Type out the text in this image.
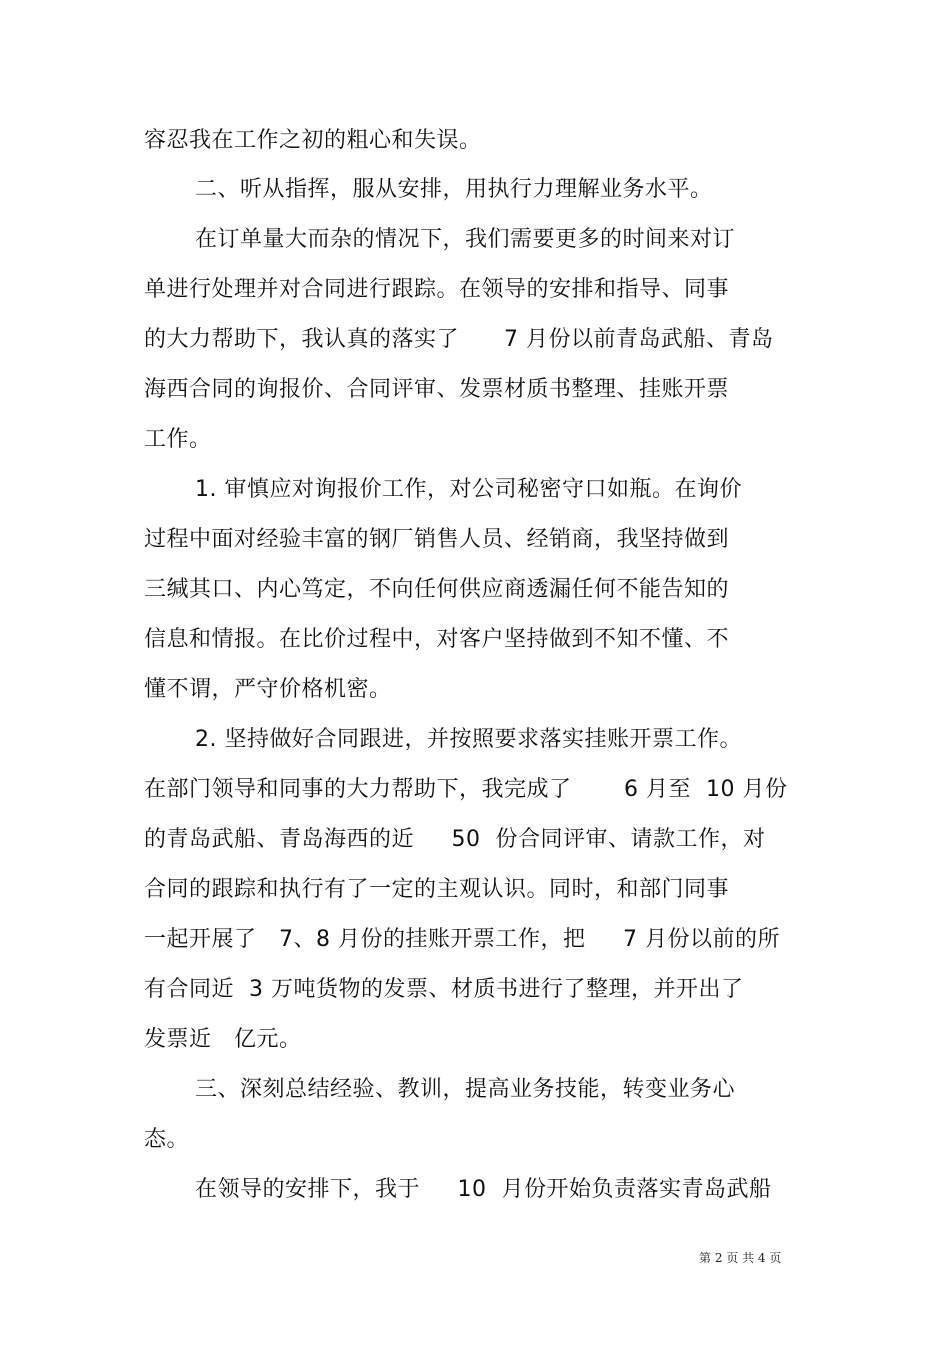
容忍我在工作之初的粗心和失误。
二、听从指挥，服从安排，用执行力理解业务水平。
在订单量大而杂的情况下，我们需要更多的时间来对订
单进行处理并对合同进行跟踪。在领导的安排和指导、同事
的大力帮助下，我认真的落实了　　7 月份以前青岛武船、青岛
海西合同的询报价、合同评审、发票材质书整理、挂账开票
工作。
1. 审慎应对询报价工作，对公司秘密守口如瓶。在询价
过程中面对经验丰富的钢厂销售人员、经销商，我坚持做到
三缄其口、内心笃定，不向任何供应商透漏任何不能告知的
信息和情报。在比价过程中，对客户坚持做到不知不懂、不
懂不谓，严守价格机密。
2. 坚持做好合同跟进，并按照要求落实挂账开票工作。
在部门领导和同事的大力帮助下，我完成了　　 6 月至  10 月份
的青岛武船、青岛海西的近　  50  份合同评审、请款工作，对
合同的跟踪和执行有了一定的主观认识。同时，和部门同事
一起开展了　7、8 月份的挂账开票工作，把　  7 月份以前的所
有合同近  3 万吨货物的发票、材质书进行了整理，并开出了
发票近　亿元。
三、深刻总结经验、教训，提高业务技能，转变业务心
态。
在领导的安排下，我于　  10  月份开始负责落实青岛武船
第 2 页 共 4 页
